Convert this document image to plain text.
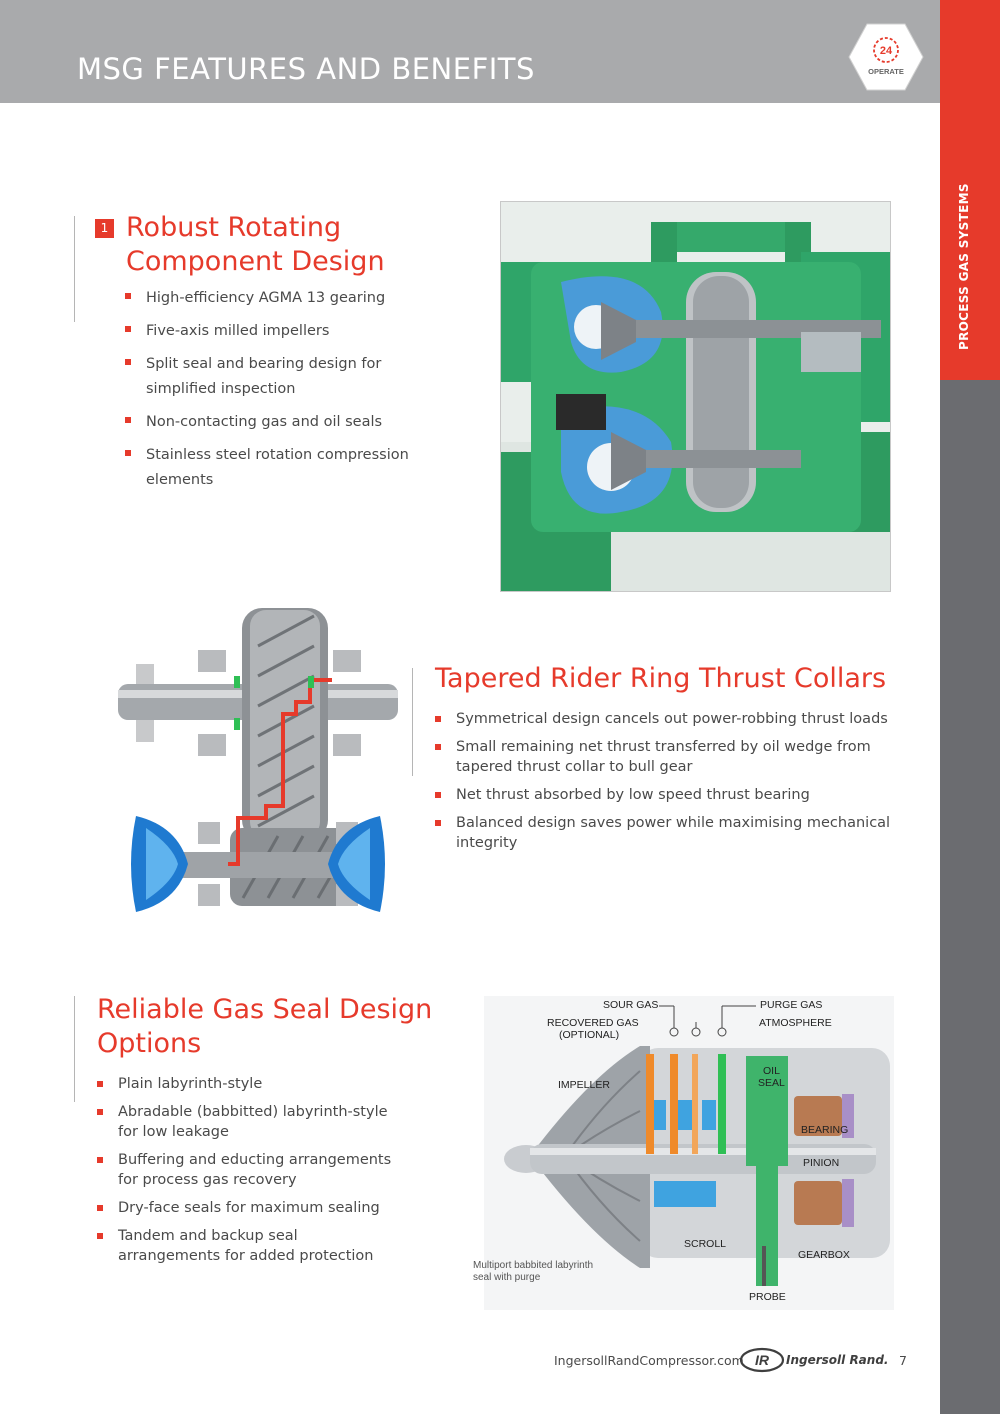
MSG FEATURES AND BENEFITS
24
OPERATE
1 Robust Rotating
Component Design
High-efficiency AGMA 13 gearing
Five-axis milled impellers
Split seal and bearing design for simplified inspection
Non-contacting gas and oil seals
Stainless steel rotation compression elements
Tapered Rider Ring Thrust Collars
Symmetrical design cancels out power-robbing thrust loads
Small remaining net thrust transferred by oil wedge from tapered thrust collar to bull gear
Net thrust absorbed by low speed thrust bearing
Balanced design saves power while maximising mechanical integrity
Reliable Gas Seal Design
Options
Plain labyrinth-style
Abradable (babbitted) labyrinth-style for low leakage
Buffering and educting arrangements for process gas recovery
Dry-face seals for maximum sealing
Tandem and backup seal arrangements for added protection
SOUR GAS	PURGE GAS
RECOVERED GAS
(OPTIONAL)
ATMOSPHERE
IMPELLER
OIL
SEAL
BEARING
PINION
SCROLL
GEARBOX
PROBE
Multiport babbited labyrinth
seal with purge
IngersollRandCompressor.com IR Ingersoll Rand. 7
